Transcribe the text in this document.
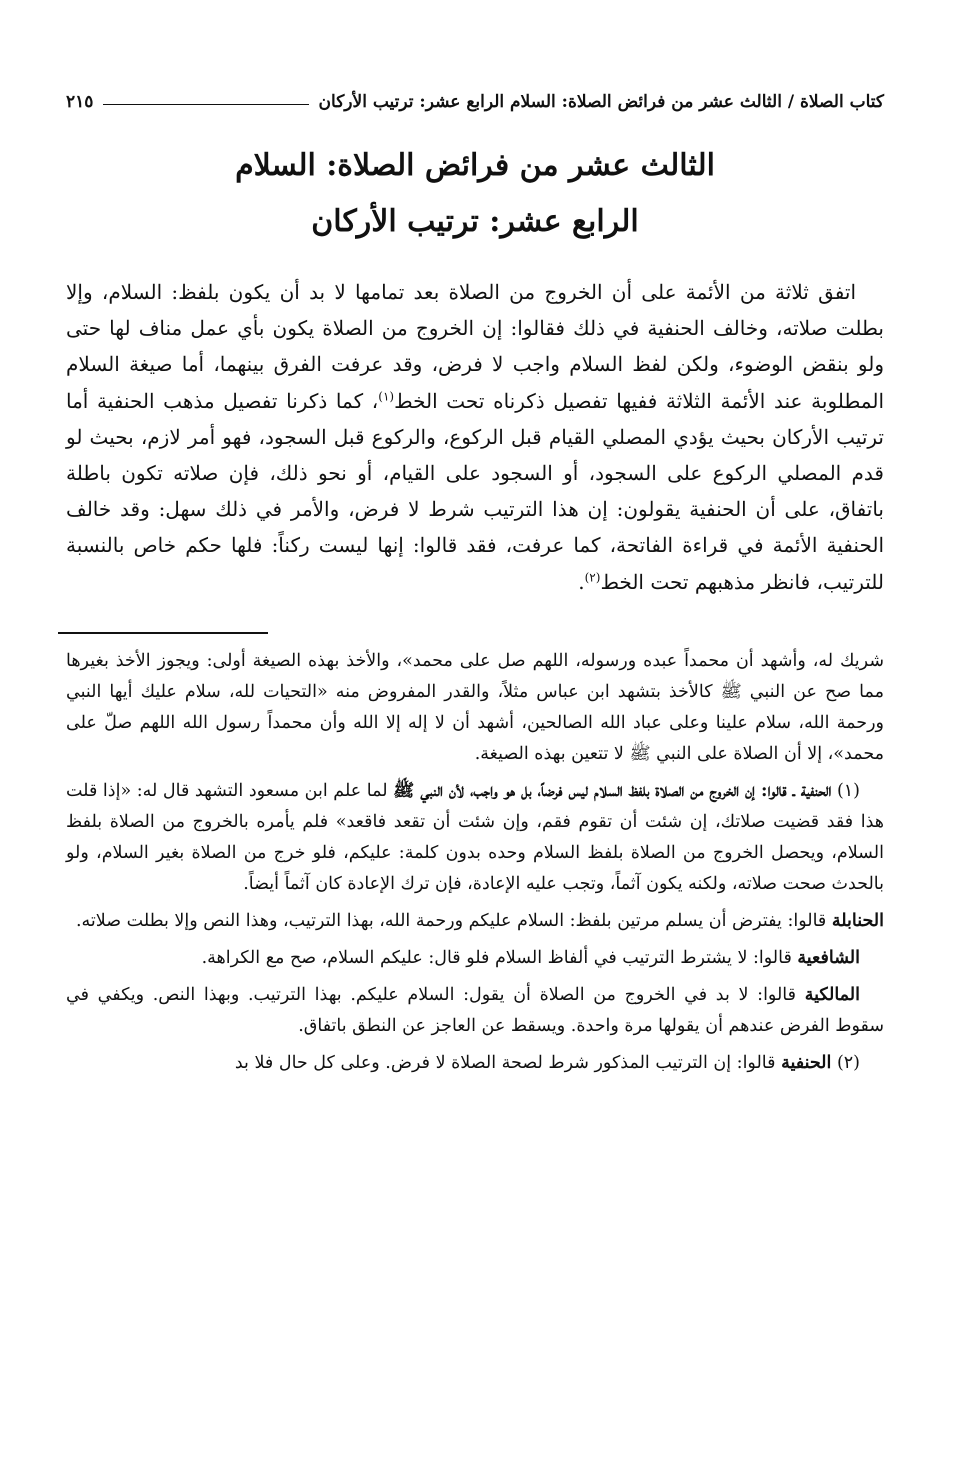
كتاب الصلاة / الثالث عشر من فرائض الصلاة: السلام الرابع عشر: ترتيب الأركان
٢١٥
الثالث عشر من فرائض الصلاة: السلام
الرابع عشر: ترتيب الأركان

اتفق ثلاثة من الأئمة على أن الخروج من الصلاة بعد تمامها لا بد أن يكون بلفظ: السلام، وإلا بطلت صلاته، وخالف الحنفية في ذلك فقالوا: إن الخروج من الصلاة يكون بأي عمل مناف لها حتى ولو بنقض الوضوء، ولكن لفظ السلام واجب لا فرض، وقد عرفت الفرق بينهما، أما صيغة السلام المطلوبة عند الأئمة الثلاثة ففيها تفصيل ذكرناه تحت الخط$^{(١)}$، كما ذكرنا تفصيل مذهب الحنفية أما ترتيب الأركان بحيث يؤدي المصلي القيام قبل الركوع، والركوع قبل السجود، فهو أمر لازم، بحيث لو قدم المصلي الركوع على السجود، أو السجود على القيام، أو نحو ذلك، فإن صلاته تكون باطلة باتفاق، على أن الحنفية يقولون: إن هذا الترتيب شرط لا فرض، والأمر في ذلك سهل: وقد خالف الحنفية الأئمة في قراءة الفاتحة، كما عرفت، فقد قالوا: إنها ليست ركناً: فلها حكم خاص بالنسبة للترتيب، فانظر مذهبهم تحت الخط$^{(٢)}$.

شريك له، وأشهد أن محمداً عبده ورسوله، اللهم صل على محمد»، والأخذ بهذه الصيغة أولى: ويجوز الأخذ بغيرها مما صح عن النبي ﷺ كالأخذ بتشهد ابن عباس مثلاً، والقدر المفروض منه «التحيات لله، سلام عليك أيها النبي ورحمة الله، سلام علينا وعلى عباد الله الصالحين، أشهد أن لا إله إلا الله وأن محمداً رسول الله اللهم صلّ على محمد»، إلا أن الصلاة على النبي ﷺ لا تتعين بهذه الصيغة.

(١) الحنفية ـ قالوا: إن الخروج من الصلاة بلفظ السلام ليس فرضاً، بل هو واجب، لأن النبي ﷺ لما علم ابن مسعود التشهد قال له: «إذا قلت هذا فقد قضيت صلاتك، إن شئت أن تقوم فقم، وإن شئت أن تقعد فاقعد» فلم يأمره بالخروج من الصلاة بلفظ السلام، ويحصل الخروج من الصلاة بلفظ السلام وحده بدون كلمة: عليكم، فلو خرج من الصلاة بغير السلام، ولو بالحدث صحت صلاته، ولكنه يكون آثماً، وتجب عليه الإعادة، فإن ترك الإعادة كان آثماً أيضاً.

الحنابلة قالوا: يفترض أن يسلم مرتين بلفظ: السلام عليكم ورحمة الله، بهذا الترتيب، وهذا النص وإلا بطلت صلاته.

الشافعية قالوا: لا يشترط الترتيب في ألفاظ السلام فلو قال: عليكم السلام، صح مع الكراهة.

المالكية قالوا: لا بد في الخروج من الصلاة أن يقول: السلام عليكم. بهذا الترتيب. وبهذا النص. ويكفي في سقوط الفرض عندهم أن يقولها مرة واحدة. ويسقط عن العاجز عن النطق باتفاق.

(٢) الحنفية قالوا: إن الترتيب المذكور شرط لصحة الصلاة لا فرض. وعلى كل حال فلا بد
